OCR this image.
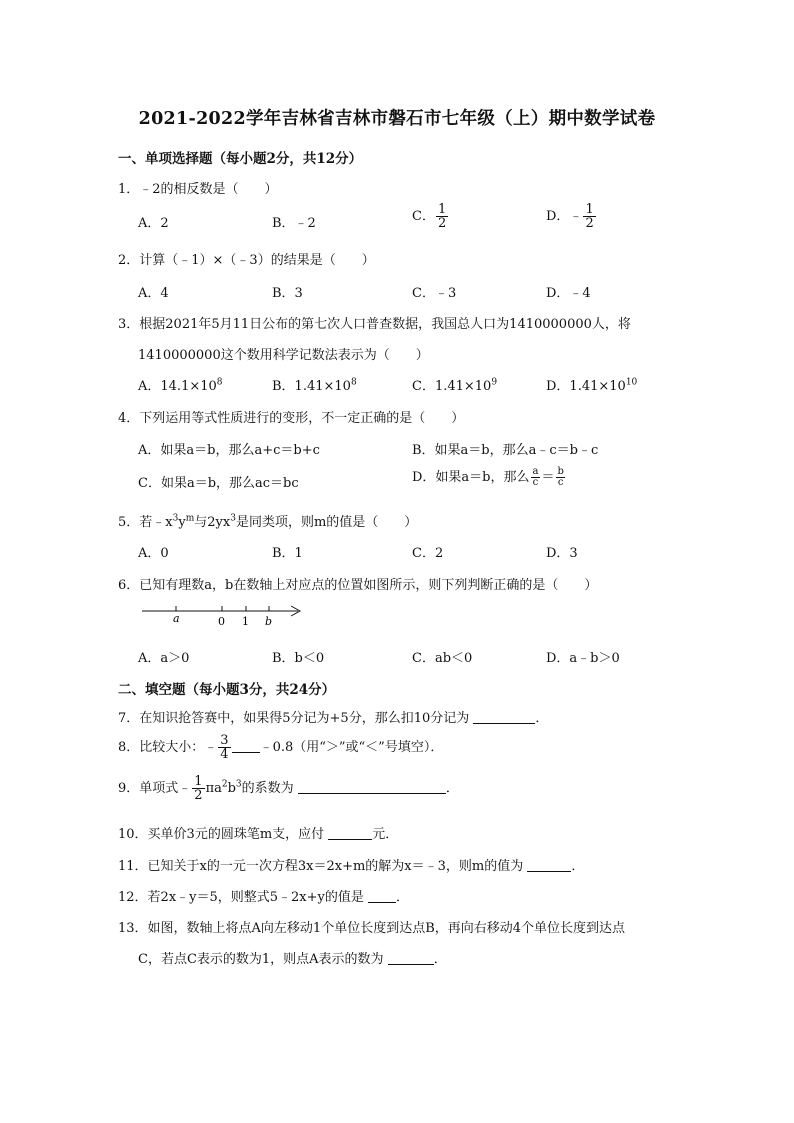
2021-2022学年吉林省吉林市磐石市七年级（上）期中数学试卷
一、单项选择题（每小题2分，共12分）
1．﹣2的相反数是（　　）
A．2	B．﹣2	C． $\frac{1}{2}$	D．﹣ $\frac{1}{2}$
2．计算（﹣1）×（﹣3）的结果是（　　）
A．4	B．3	C．﹣3	D．﹣4
3．根据2021年5月11日公布的第七次人口普查数据，我国总人口为1410000000人，将
1410000000这个数用科学记数法表示为（　　）
A．$14.1\times 10^8$	B．$1.41\times 10^8$	C．$1.41\times 10^9$	D．$1.41\times 10^{10}$
4．下列运用等式性质进行的变形，不一定正确的是（　　）
A．如果a＝b，那么a+c＝b+c	B．如果a＝b，那么a﹣c＝b﹣c
C．如果a＝b，那么ac＝bc	D．如果a＝b，那么 $\frac{a}{c} = \frac{b}{c}$
5．若$﹣x^3y^m$与$2yx^3$是同类项，则m的值是（　　）
A．0	B．1	C．2	D．3
6．已知有理数a，b在数轴上对应点的位置如图所示，则下列判断正确的是（　　）
a	0 1 b
A．a＞0	B．b＜0	C．ab＜0	D．a﹣b＞0
二、填空题（每小题3分，共24分）
7．在知识抢答赛中，如果得5分记为+5分，那么扣10分记为	．
8．比较大小：﹣ $\frac{3}{4}$ ﹣0.8（用“＞”或“＜”号填空）．
9．单项式﹣ $\frac{1}{2} \pi a^2b^3$的系数为	．
10．买单价3元的圆珠笔m支，应付	元．
11．已知关于x的一元一次方程3x＝2x+m的解为x＝﹣3，则m的值为	．
12．若2x﹣y＝5，则整式5﹣2x+y的值是 ．
13．如图，数轴上将点A向左移动1个单位长度到达点B，再向右移动4个单位长度到达点
C，若点C表示的数为1，则点A表示的数为	．
